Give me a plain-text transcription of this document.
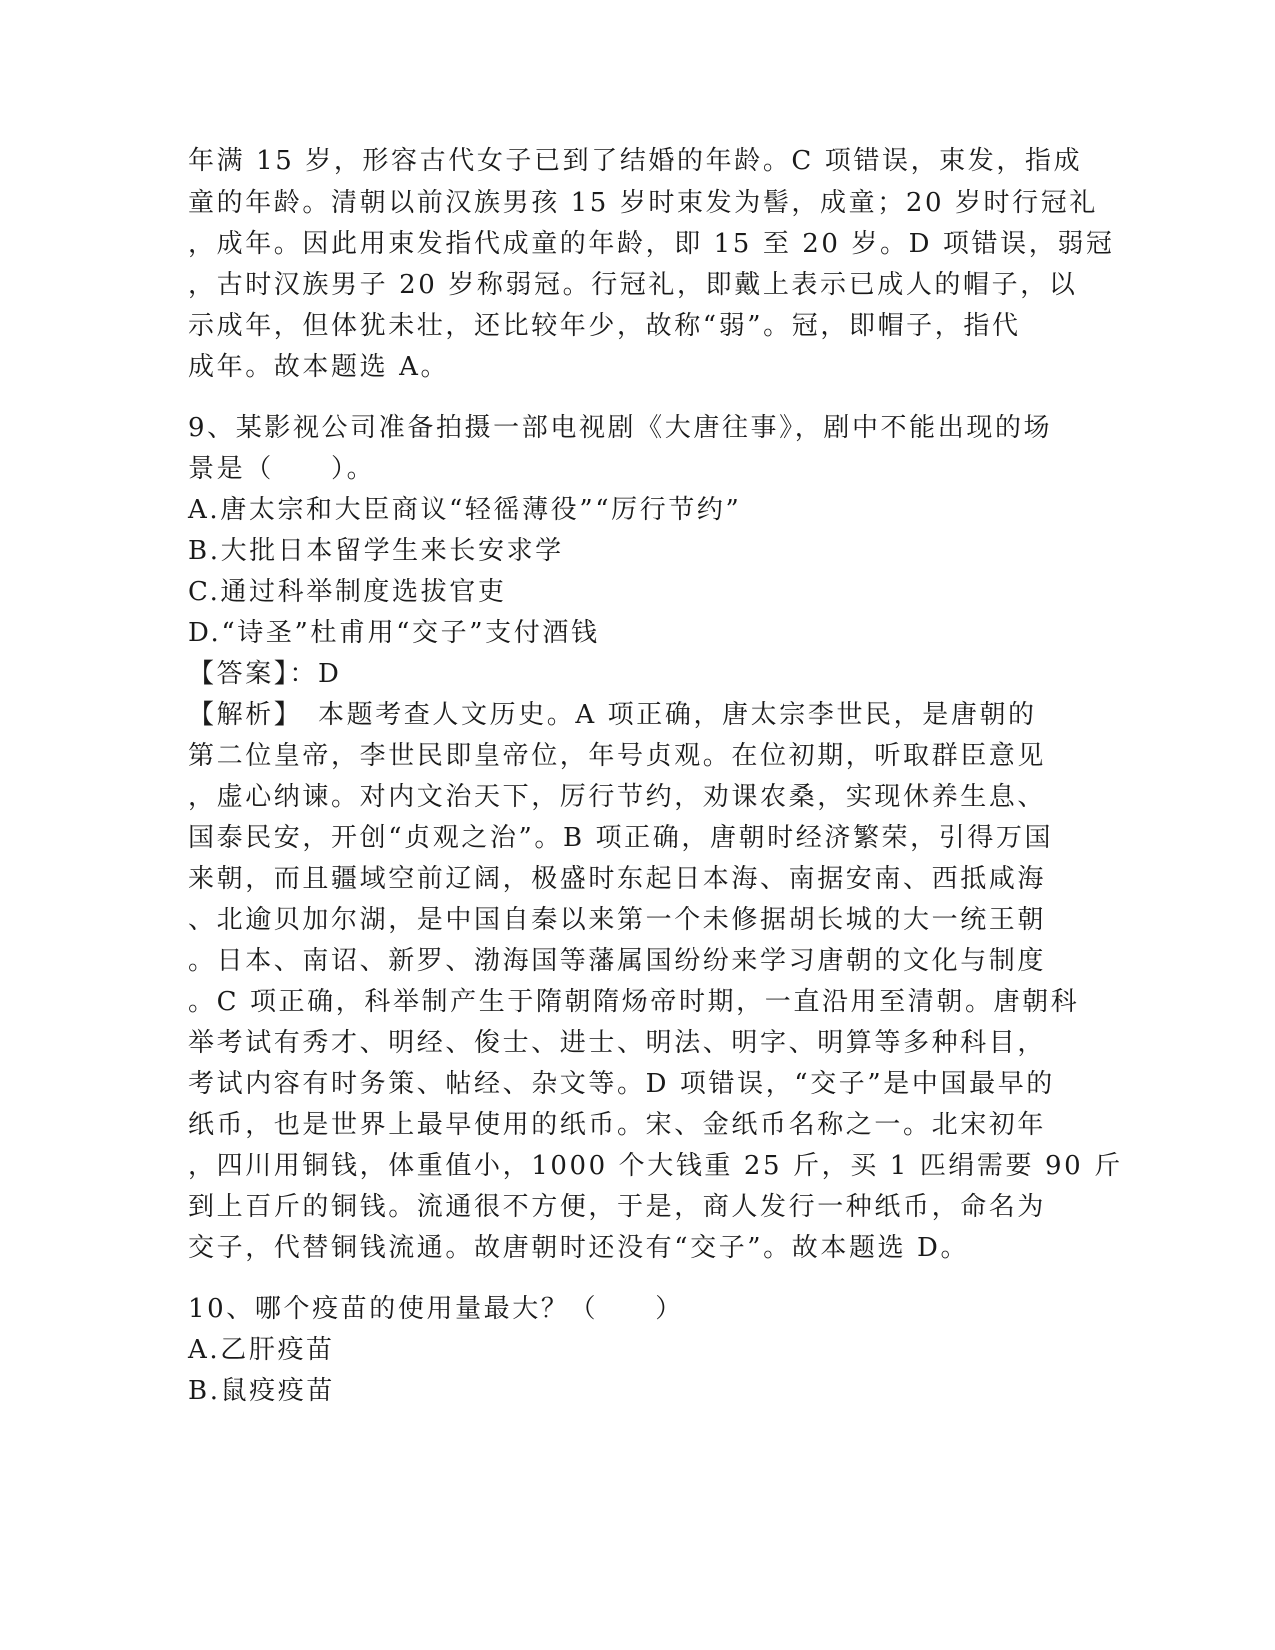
年满 15 岁，形容古代女子已到了结婚的年龄。C 项错误，束发，指成
童的年龄。清朝以前汉族男孩 15 岁时束发为髻，成童；20 岁时行冠礼
，成年。因此用束发指代成童的年龄，即 15 至 20 岁。D 项错误，弱冠
，古时汉族男子 20 岁称弱冠。行冠礼，即戴上表示已成人的帽子，以
示成年，但体犹未壮，还比较年少，故称“弱”。冠，即帽子，指代
成年。故本题选 A。
9、某影视公司准备拍摄一部电视剧《大唐往事》，剧中不能出现的场
景是（　　）。
A.唐太宗和大臣商议“轻徭薄役”“厉行节约”
B.大批日本留学生来长安求学
C.通过科举制度选拔官吏
D.“诗圣”杜甫用“交子”支付酒钱
【答案】：D
【解析】　本题考查人文历史。A 项正确，唐太宗李世民，是唐朝的
第二位皇帝，李世民即皇帝位，年号贞观。在位初期，听取群臣意见
，虚心纳谏。对内文治天下，厉行节约，劝课农桑，实现休养生息、
国泰民安，开创“贞观之治”。B 项正确，唐朝时经济繁荣，引得万国
来朝，而且疆域空前辽阔，极盛时东起日本海、南据安南、西抵咸海
、北逾贝加尔湖，是中国自秦以来第一个未修据胡长城的大一统王朝
。日本、南诏、新罗、渤海国等藩属国纷纷来学习唐朝的文化与制度
。C 项正确，科举制产生于隋朝隋炀帝时期，一直沿用至清朝。唐朝科
举考试有秀才、明经、俊士、进士、明法、明字、明算等多种科目，
考试内容有时务策、帖经、杂文等。D 项错误，“交子”是中国最早的
纸币，也是世界上最早使用的纸币。宋、金纸币名称之一。北宋初年
，四川用铜钱，体重值小，1000 个大钱重 25 斤，买 1 匹绢需要 90 斤
到上百斤的铜钱。流通很不方便，于是，商人发行一种纸币，命名为
交子，代替铜钱流通。故唐朝时还没有“交子”。故本题选 D。
10、哪个疫苗的使用量最大？（　　）
A.乙肝疫苗
B.鼠疫疫苗
